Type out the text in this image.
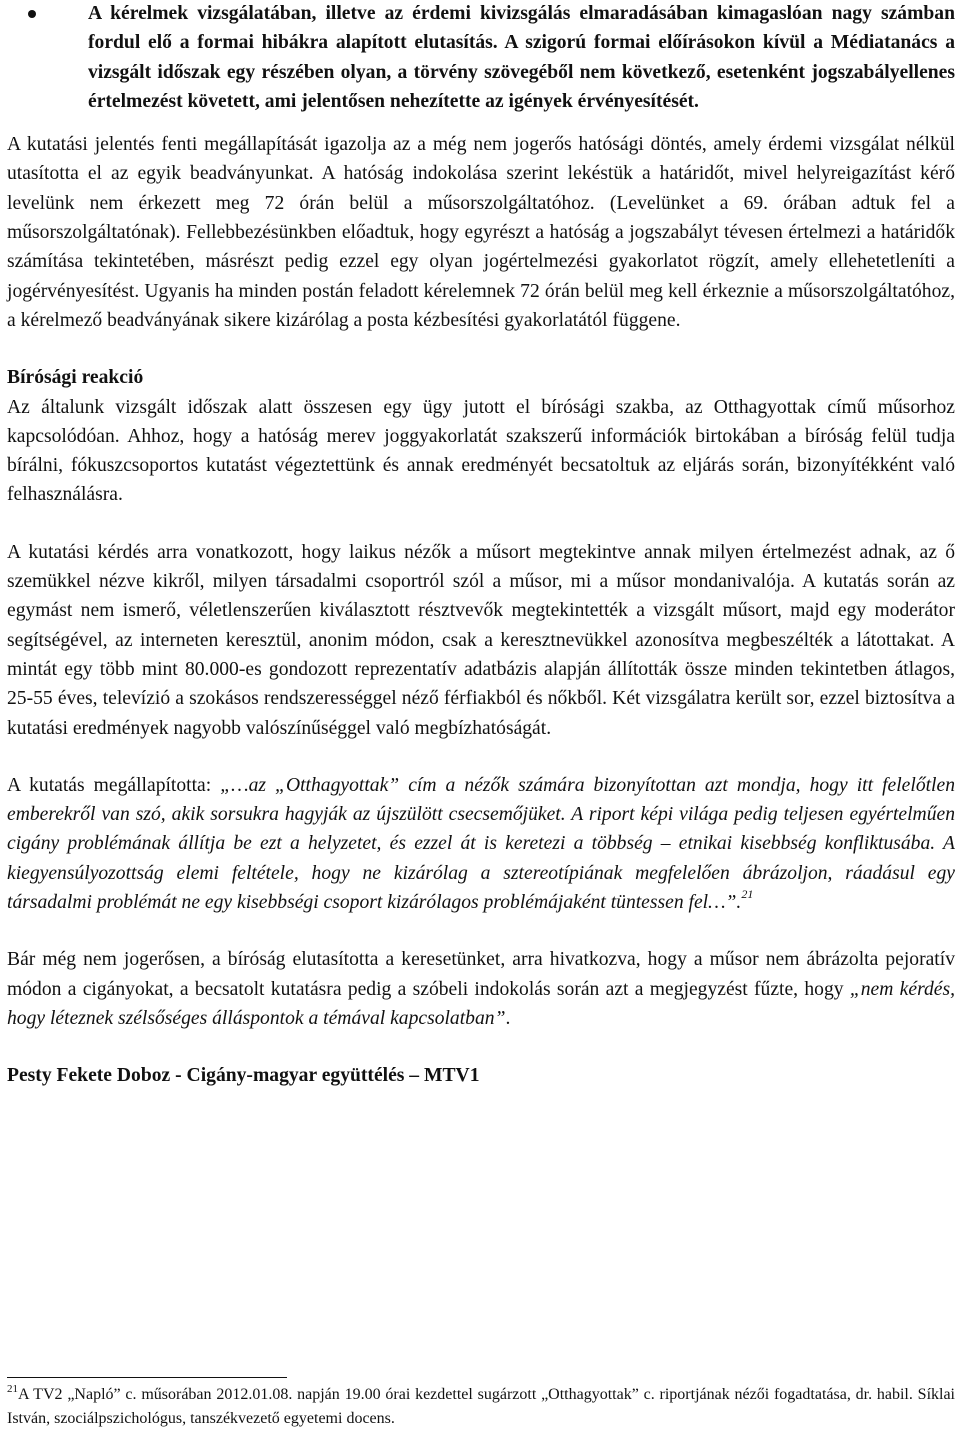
A kérelmek vizsgálatában, illetve az érdemi kivizsgálás elmaradásában kimagaslóan nagy számban fordul elő a formai hibákra alapított elutasítás. A szigorú formai előírásokon kívül a Médiatanács a vizsgált időszak egy részében olyan, a törvény szövegéből nem következő, esetenként jogszabályellenes értelmezést követett, ami jelentősen nehezítette az igények érvényesítését.

A kutatási jelentés fenti megállapítását igazolja az a még nem jogerős hatósági döntés, amely érdemi vizsgálat nélkül utasította el az egyik beadványunkat. A hatóság indokolása szerint lekéstük a határidőt, mivel helyreigazítást kérő levelünk nem érkezett meg 72 órán belül a műsorszolgáltatóhoz. (Levelünket a 69. órában adtuk fel a műsorszolgáltatónak). Fellebbezésünkben előadtuk, hogy egyrészt a hatóság a jogszabályt tévesen értelmezi a határidők számítása tekintetében, másrészt pedig ezzel egy olyan jogértelmezési gyakorlatot rögzít, amely ellehetetleníti a jogérvényesítést. Ugyanis ha minden postán feladott kérelemnek 72 órán belül meg kell érkeznie a műsorszolgáltatóhoz, a kérelmező beadványának sikere kizárólag a posta kézbesítési gyakorlatától függene.

Bírósági reakció

Az általunk vizsgált időszak alatt összesen egy ügy jutott el bírósági szakba, az Otthagyottak című műsorhoz kapcsolódóan. Ahhoz, hogy a hatóság merev joggyakorlatát szakszerű információk birtokában a bíróság felül tudja bírálni, fókuszcsoportos kutatást végeztettünk és annak eredményét becsatoltuk az eljárás során, bizonyítékként való felhasználásra.

A kutatási kérdés arra vonatkozott, hogy laikus nézők a műsort megtekintve annak milyen értelmezést adnak, az ő szemükkel nézve kikről, milyen társadalmi csoportról szól a műsor, mi a műsor mondanivalója. A kutatás során az egymást nem ismerő, véletlenszerűen kiválasztott résztvevők megtekintették a vizsgált műsort, majd egy moderátor segítségével, az interneten keresztül, anonim módon, csak a keresztnevükkel azonosítva megbeszélték a látottakat. A mintát egy több mint 80.000-es gondozott reprezentatív adatbázis alapján állították össze minden tekintetben átlagos, 25-55 éves, televízió a szokásos rendszerességgel néző férfiakból és nőkből. Két vizsgálatra került sor, ezzel biztosítva a kutatási eredmények nagyobb valószínűséggel való megbízhatóságát.

A kutatás megállapította: „…az „Otthagyottak” cím a nézők számára bizonyítottan azt mondja, hogy itt felelőtlen emberekről van szó, akik sorsukra hagyják az újszülött csecsemőjüket. A riport képi világa pedig teljesen egyértelműen cigány problémának állítja be ezt a helyzetet, és ezzel át is keretezi a többség – etnikai kisebbség konfliktusába. A kiegyensúlyozottság elemi feltétele, hogy ne kizárólag a sztereotípiának megfelelően ábrázoljon, ráadásul egy társadalmi problémát ne egy kisebbségi csoport kizárólagos problémájaként tüntessen fel…”.$^{21}$

Bár még nem jogerősen, a bíróság elutasította a keresetünket, arra hivatkozva, hogy a műsor nem ábrázolta pejoratív módon a cigányokat, a becsatolt kutatásra pedig a szóbeli indokolás során azt a megjegyzést fűzte, hogy „nem kérdés, hogy léteznek szélsőséges álláspontok a témával kapcsolatban”.

Pesty Fekete Doboz - Cigány-magyar együttélés – MTV1

$^{21}$A TV2 „Napló” c. műsorában 2012.01.08. napján 19.00 órai kezdettel sugárzott „Otthagyottak” c. riportjának nézői fogadtatása, dr. habil. Síklai István, szociálpszichológus, tanszékvezető egyetemi docens.
